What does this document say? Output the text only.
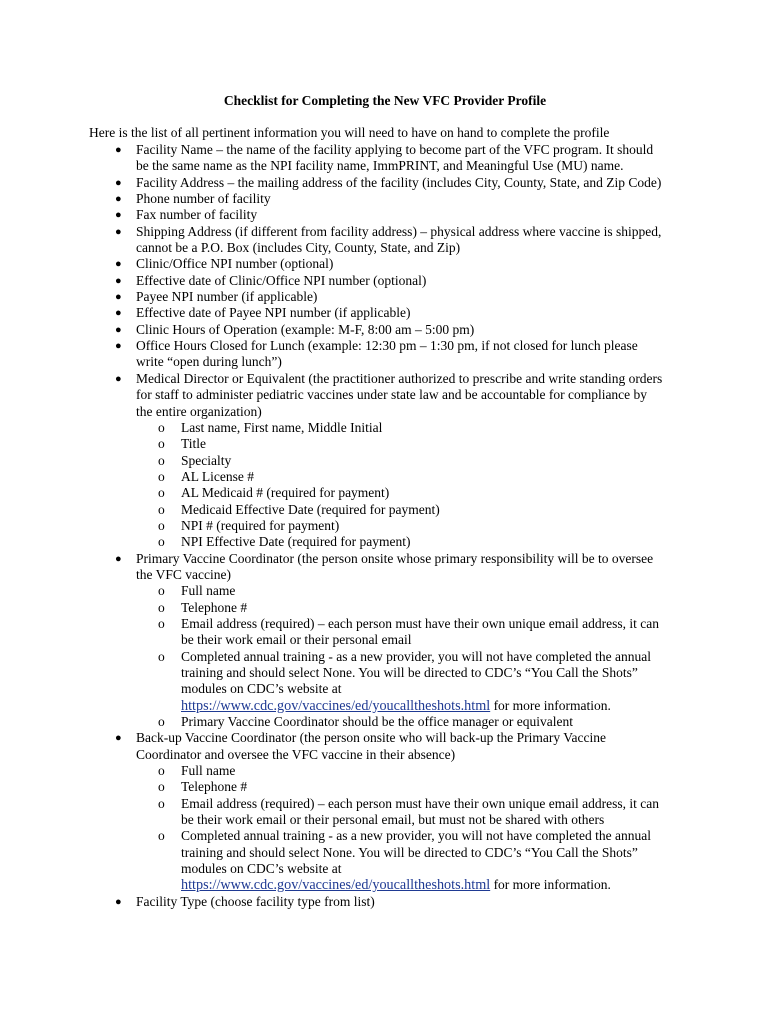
Checklist for Completing the New VFC Provider Profile
Here is the list of all pertinent information you will need to have on hand to complete the profile
● Facility Name – the name of the facility applying to become part of the VFC program. It should
be the same name as the NPI facility name, ImmPRINT, and Meaningful Use (MU) name.
● Facility Address – the mailing address of the facility (includes City, County, State, and Zip Code)
● Phone number of facility
● Fax number of facility
● Shipping Address (if different from facility address) – physical address where vaccine is shipped,
cannot be a P.O. Box (includes City, County, State, and Zip)
● Clinic/Office NPI number (optional)
● Effective date of Clinic/Office NPI number (optional)
● Payee NPI number (if applicable)
● Effective date of Payee NPI number (if applicable)
● Clinic Hours of Operation (example: M-F, 8:00 am – 5:00 pm)
● Office Hours Closed for Lunch (example: 12:30 pm – 1:30 pm, if not closed for lunch please
write “open during lunch”)
● Medical Director or Equivalent (the practitioner authorized to prescribe and write standing orders
for staff to administer pediatric vaccines under state law and be accountable for compliance by
the entire organization)
o Last name, First name, Middle Initial
o Title
o Specialty
o AL License #
o AL Medicaid # (required for payment)
o Medicaid Effective Date (required for payment)
o NPI # (required for payment)
o NPI Effective Date (required for payment)
● Primary Vaccine Coordinator (the person onsite whose primary responsibility will be to oversee
the VFC vaccine)
o Full name
o Telephone #
o Email address (required) – each person must have their own unique email address, it can
be their work email or their personal email
o Completed annual training - as a new provider, you will not have completed the annual
training and should select None. You will be directed to CDC’s “You Call the Shots”
modules on CDC’s website at
https://www.cdc.gov/vaccines/ed/youcalltheshots.html for more information.
o Primary Vaccine Coordinator should be the office manager or equivalent
● Back-up Vaccine Coordinator (the person onsite who will back-up the Primary Vaccine
Coordinator and oversee the VFC vaccine in their absence)
o Full name
o Telephone #
o Email address (required) – each person must have their own unique email address, it can
be their work email or their personal email, but must not be shared with others
o Completed annual training - as a new provider, you will not have completed the annual
training and should select None. You will be directed to CDC’s “You Call the Shots”
modules on CDC’s website at
https://www.cdc.gov/vaccines/ed/youcalltheshots.html for more information.
● Facility Type (choose facility type from list)
